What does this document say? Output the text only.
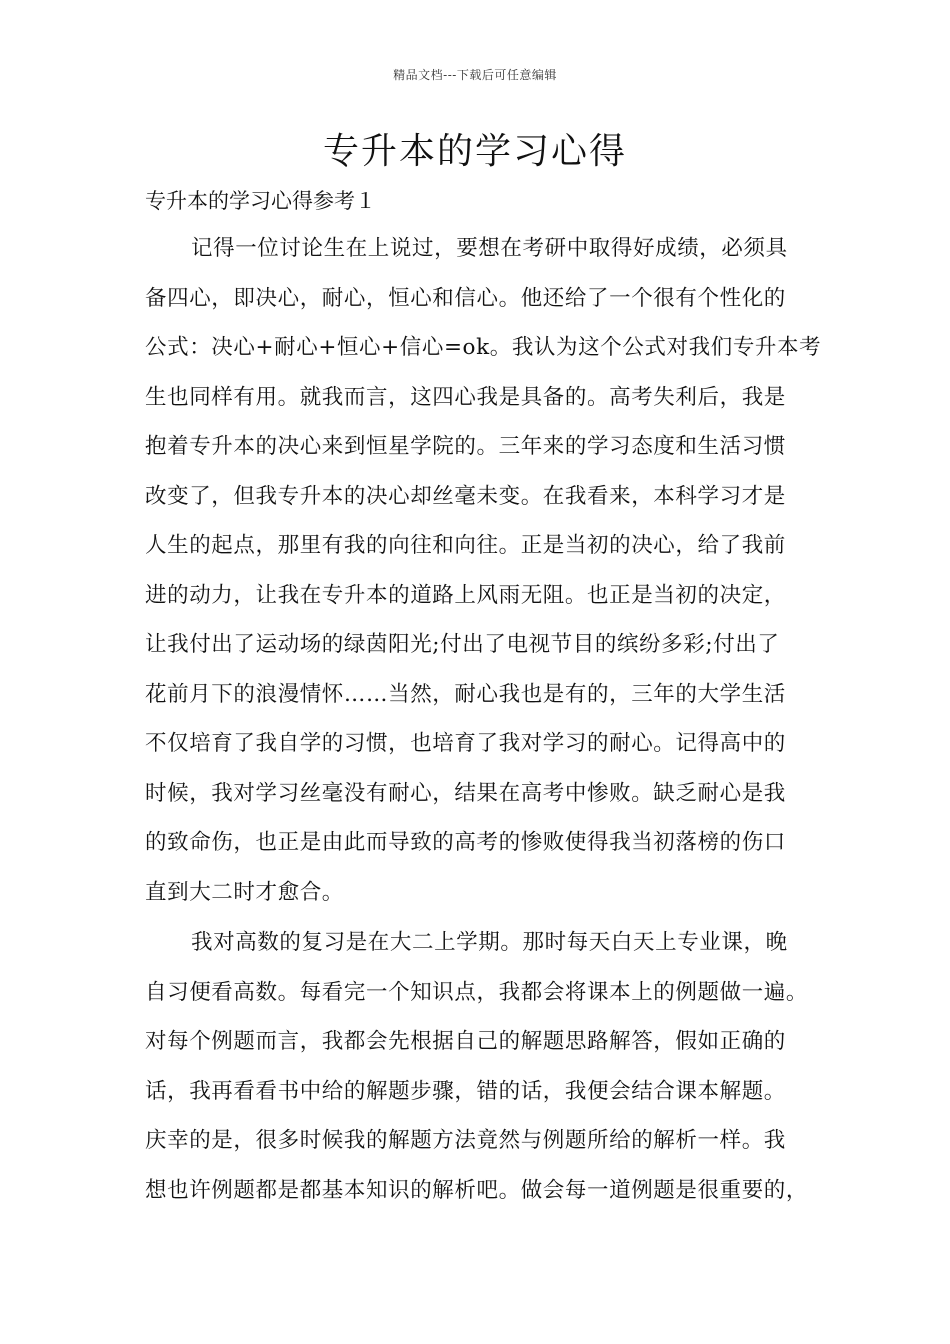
精品文档---下载后可任意编辑
专升本的学习心得
专升本的学习心得参考１
记得一位讨论生在上说过，要想在考研中取得好成绩，必须具
备四心，即决心，耐心，恒心和信心。他还给了一个很有个性化的
公式：决心+耐心+恒心+信心=ok。我认为这个公式对我们专升本考
生也同样有用。就我而言，这四心我是具备的。高考失利后，我是
抱着专升本的决心来到恒星学院的。三年来的学习态度和生活习惯
改变了，但我专升本的决心却丝毫未变。在我看来，本科学习才是
人生的起点，那里有我的向往和向往。正是当初的决心，给了我前
进的动力，让我在专升本的道路上风雨无阻。也正是当初的决定，
让我付出了运动场的绿茵阳光;付出了电视节目的缤纷多彩;付出了
花前月下的浪漫情怀……当然，耐心我也是有的，三年的大学生活
不仅培育了我自学的习惯，也培育了我对学习的耐心。记得高中的
时候，我对学习丝毫没有耐心，结果在高考中惨败。缺乏耐心是我
的致命伤，也正是由此而导致的高考的惨败使得我当初落榜的伤口
直到大二时才愈合。
我对高数的复习是在大二上学期。那时每天白天上专业课，晚
自习便看高数。每看完一个知识点，我都会将课本上的例题做一遍。
对每个例题而言，我都会先根据自己的解题思路解答，假如正确的
话，我再看看书中给的解题步骤，错的话，我便会结合课本解题。
庆幸的是，很多时候我的解题方法竟然与例题所给的解析一样。我
想也许例题都是都基本知识的解析吧。做会每一道例题是很重要的，
